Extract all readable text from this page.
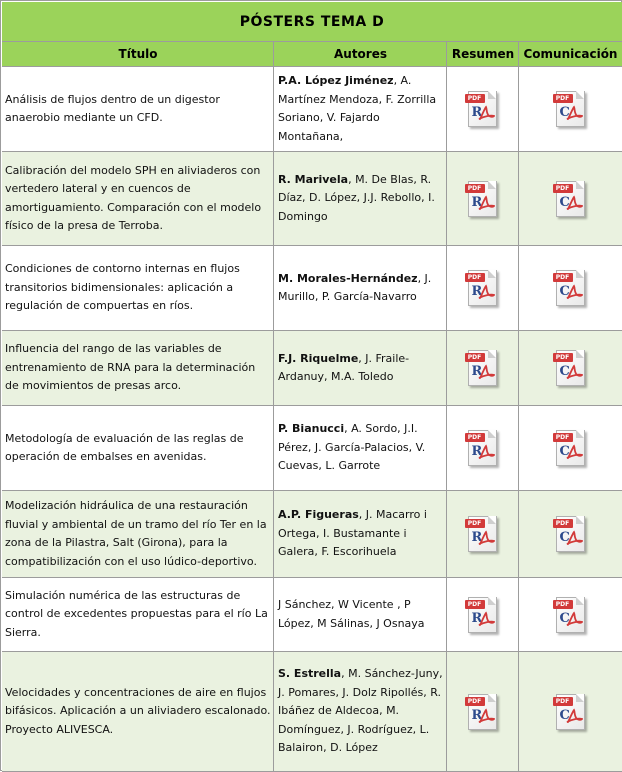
PÓSTERS TEMA D
Título	Autores	Resumen Comunicación
Análisis de flujos dentro de un digestor anaerobio mediante un CFD.
P.A. López Jiménez, A. Martínez Mendoza, F. Zorrilla Soriano, V. Fajardo Montañana,
PDF
R
PDF
C
Calibración del modelo SPH en aliviaderos con vertedero lateral y en cuencos de amortiguamiento. Comparación con el modelo físico de la presa de Terroba.
R. Marivela, M. De Blas, R. Díaz, D. López, J.J. Rebollo, I. Domingo
PDF
R
PDF
C
Condiciones de contorno internas en flujos transitorios bidimensionales: aplicación a regulación de compuertas en ríos.
M. Morales-Hernández, J. Murillo, P. García-Navarro
PDF
R
PDF
C
Influencia del rango de las variables de entrenamiento de RNA para la determinación de movimientos de presas arco.
F.J. Riquelme, J. Fraile-Ardanuy, M.A. Toledo
PDF
R
PDF
C
Metodología de evaluación de las reglas de operación de embalses en avenidas.
P. Bianucci, A. Sordo, J.I. Pérez, J. García-Palacios, V. Cuevas, L. Garrote
PDF
R
PDF
C
Modelización hidráulica de una restauración fluvial y ambiental de un tramo del río Ter en la zona de la Pilastra, Salt (Girona), para la compatibilización con el uso lúdico-deportivo.
A.P. Figueras, J. Macarro i Ortega, I. Bustamante i Galera, F. Escorihuela
PDF
R
PDF
C
Simulación numérica de las estructuras de control de excedentes propuestas para el río La Sierra.
J Sánchez, W Vicente , P López, M Sálinas, J Osnaya
PDF
R
PDF
C
Velocidades y concentraciones de aire en flujos bifásicos. Aplicación a un aliviadero escalonado. Proyecto ALIVESCA.
S. Estrella, M. Sánchez-Juny, J. Pomares, J. Dolz Ripollés, R. Ibáñez de Aldecoa, M. Domínguez, J. Rodríguez, L. Balairon, D. López
PDF
R
PDF
C
